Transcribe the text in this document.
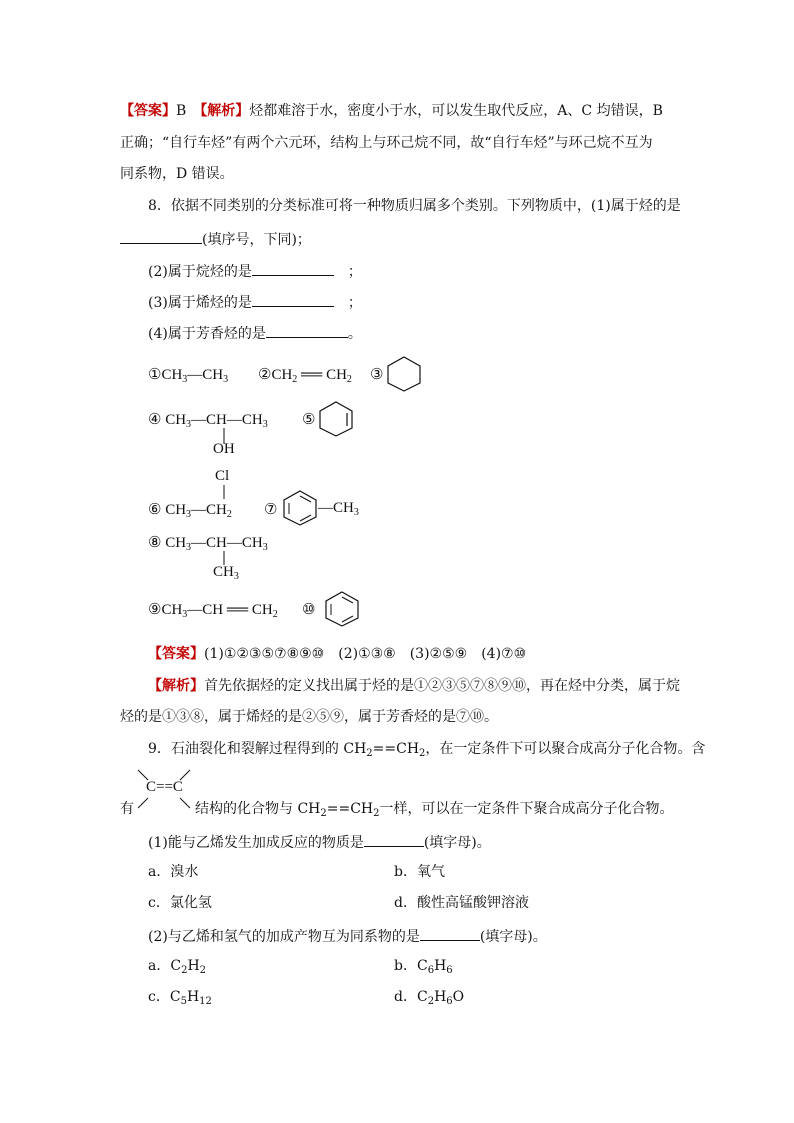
【答案】B　 【解析】烃都难溶于水，密度小于水，可以发生取代反应，A、C 均错误，B
正确；“自行车烃”有两个六元环，结构上与环己烷不同，故“自行车烃”与环己烷不互为
同系物，D 错误。
8．依据不同类别的分类标准可将一种物质归属多个类别。下列物质中，(1)属于烃的是
(填序号，下同)；
(2)属于烷烃的是　	；
(3)属于烯烃的是　	；
(4)属于芳香烃的是	。
$①CH_3—CH_3$ $②CH_2$ ══ $CH_2$ ③
④ $CH_3—CH—CH_3$
OH
⑤
Cl
⑥ $CH_3—CH_2$ ⑦	$—CH_3$
⑧ $CH_3—CH—CH_3$
$CH_3$
$⑨CH_3—CH$ ══ $CH_2$ ⑩
【答案】(1)①②③⑤⑦⑧⑨⑩　(2)①③⑧　(3)②⑤⑨　(4)⑦⑩
【解析】首先依据烃的定义找出属于烃的是①②③⑤⑦⑧⑨⑩，再在烃中分类，属于烷
烃的是①③⑧，属于烯烃的是②⑤⑨，属于芳香烃的是⑦⑩。
9．石油裂化和裂解过程得到的 $CH_2==CH_2$，在一定条件下可以聚合成高分子化合物。含
有
C==C
结构的化合物与 $CH_2==CH_2$一样，可以在一定条件下聚合成高分子化合物。
(1)能与乙烯发生加成反应的物质是	(填字母)。
a．溴水	b．氧气
c．氯化氢	d．酸性高锰酸钾溶液
(2)与乙烯和氢气的加成产物互为同系物的是	(填字母)。
a．$C_2H_2$	b．$C_6H_6$
c．$C_5H_{12}$	d．$C_2H_6O$
